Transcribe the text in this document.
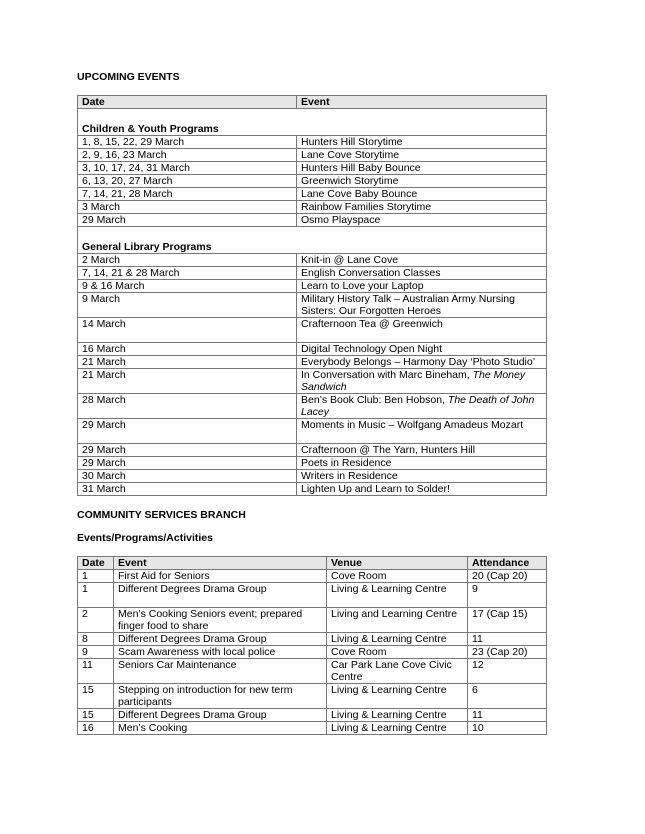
UPCOMING EVENTS
Date	Event

Children & Youth Programs	
1, 8, 15, 22, 29 March	Hunters Hill Storytime
2, 9, 16, 23 March	Lane Cove Storytime
3, 10, 17, 24, 31 March	Hunters Hill Baby Bounce
6, 13, 20, 27 March	Greenwich Storytime
7, 14, 21, 28 March	Lane Cove Baby Bounce
3 March	Rainbow Families Storytime
29 March	Osmo Playspace

General Library Programs	
2 March	Knit-in @ Lane Cove
7, 14, 21 & 28 March	English Conversation Classes
9 & 16 March	Learn to Love your Laptop
9 March	Military History Talk – Australian Army Nursing Sisters: Our Forgotten Heroes
14 March	Crafternoon Tea @ Greenwich
16 March	Digital Technology Open Night
21 March	Everybody Belongs – Harmony Day ‘Photo Studio’
21 March	In Conversation with Marc Bineham, The Money Sandwich
28 March	Ben’s Book Club: Ben Hobson, The Death of John Lacey
29 March	Moments in Music – Wolfgang Amadeus Mozart
29 March	Crafternoon @ The Yarn, Hunters Hill
29 March	Poets in Residence
30 March	Writers in Residence
31 March	Lighten Up and Learn to Solder!
COMMUNITY SERVICES BRANCH
Events/Programs/Activities
Date	Event	Venue	Attendance
1	First Aid for Seniors	Cove Room	20 (Cap 20)
1	Different Degrees Drama Group	Living & Learning Centre	9
2	Men’s Cooking Seniors event; prepared finger food to share	Living and Learning Centre	17 (Cap 15)
8	Different Degrees Drama Group	Living & Learning Centre	11
9	Scam Awareness with local police	Cove Room	23 (Cap 20)
11	Seniors Car Maintenance	Car Park Lane Cove Civic Centre	12
15	Stepping on introduction for new term participants	Living & Learning Centre	6
15	Different Degrees Drama Group	Living & Learning Centre	11
16	Men’s Cooking	Living & Learning Centre	10
